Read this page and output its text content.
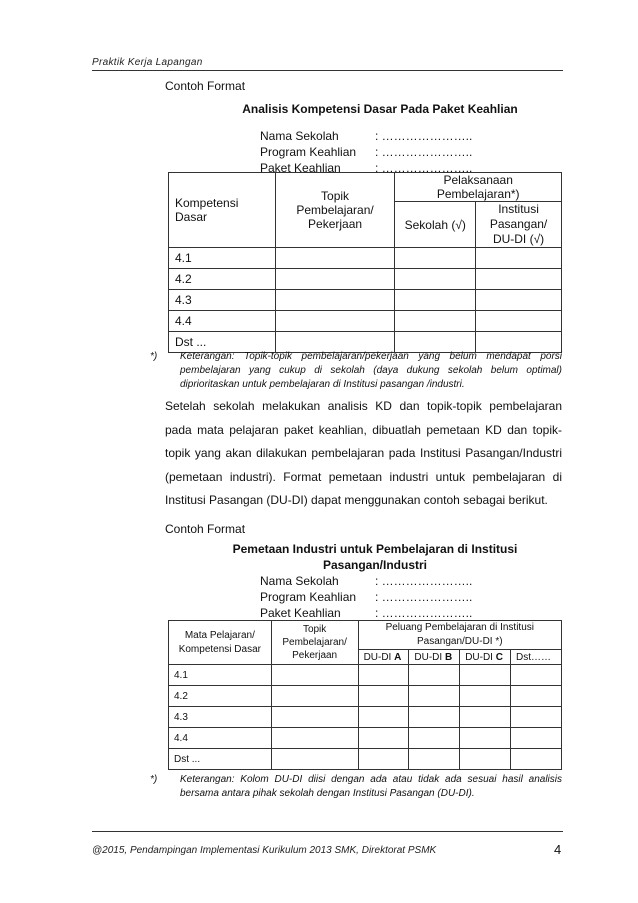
Praktik Kerja Lapangan
Contoh Format
Analisis Kompetensi Dasar Pada Paket Keahlian
Nama Sekolah	: …………………..
Program Keahlian : …………………..
Paket Keahlian	: …………………..
Kompetensi Dasar	Topik Pembelajaran/ Pekerjaan	Pelaksanaan Pembelajaran*)	
		Sekolah (√)	Institusi Pasangan/ DU-DI (√)
4.1			
4.2			
4.3			
4.4			
Dst ...			
*) Keterangan: Topik-topik pembelajaran/pekerjaan yang belum mendapat porsi pembelajaran yang cukup di sekolah (daya dukung sekolah belum optimal) diprioritaskan untuk pembelajaran di Institusi pasangan /industri.
Setelah sekolah melakukan analisis KD dan topik-topik pembelajaran pada mata pelajaran paket keahlian, dibuatlah pemetaan KD dan topik-topik yang akan dilakukan pembelajaran pada Institusi Pasangan/Industri (pemetaan industri). Format pemetaan industri untuk pembelajaran di Institusi Pasangan (DU-DI) dapat menggunakan contoh sebagai berikut.
Contoh Format
Pemetaan Industri untuk Pembelajaran di Institusi
Pasangan/Industri
Nama Sekolah	: …………………..
Program Keahlian : …………………..
Paket Keahlian	: …………………..
Mata Pelajaran/ Kompetensi Dasar	Topik Pembelajaran/ Pekerjaan	Peluang Pembelajaran di Institusi Pasangan/DU-DI *)			
		DU-DI A	DU-DI B	DU-DI C	Dst……
4.1					
4.2					
4.3					
4.4					
Dst ...					
*) Keterangan: Kolom DU-DI diisi dengan ada atau tidak ada sesuai hasil analisis bersama antara pihak sekolah dengan Institusi Pasangan (DU-DI).
@2015, Pendampingan Implementasi Kurikulum 2013 SMK, Direktorat PSMK	4
